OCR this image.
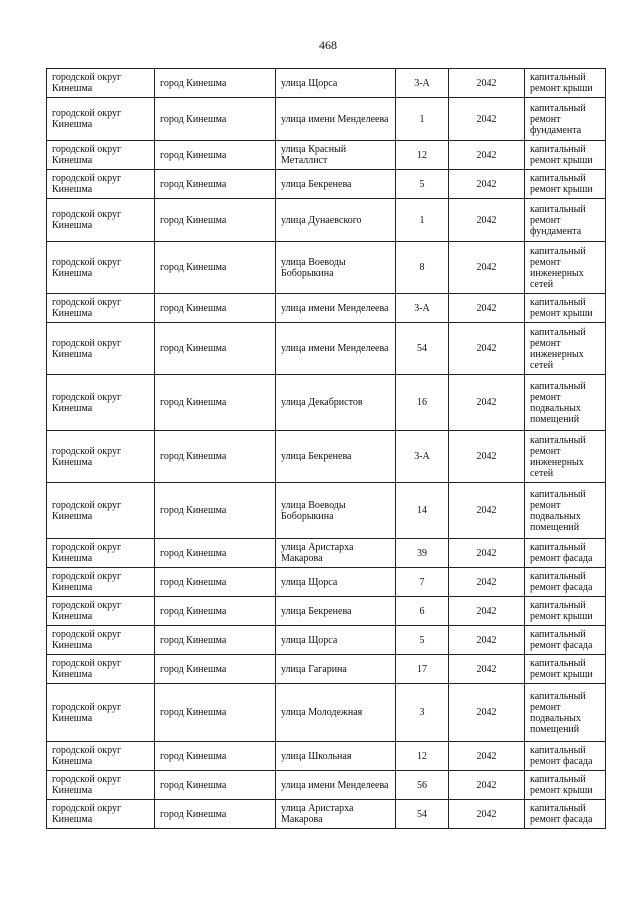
468
городской округ Кинешма	город Кинешма	улица Щорса	3-А	2042	капитальный ремонт крыши
городской округ Кинешма	город Кинешма	улица имени Менделеева	1	2042	капитальный ремонт фундамента
городской округ Кинешма	город Кинешма	улица Красный Металлист	12	2042	капитальный ремонт крыши
городской округ Кинешма	город Кинешма	улица Бекренева	5	2042	капитальный ремонт крыши
городской округ Кинешма	город Кинешма	улица Дунаевского	1	2042	капитальный ремонт фундамента
городской округ Кинешма	город Кинешма	улица Воеводы Боборыкина	8	2042	капитальный ремонт инженерных сетей
городской округ Кинешма	город Кинешма	улица имени Менделеева	3-А	2042	капитальный ремонт крыши
городской округ Кинешма	город Кинешма	улица имени Менделеева	54	2042	капитальный ремонт инженерных сетей
городской округ Кинешма	город Кинешма	улица Декабристов	16	2042	капитальный ремонт подвальных помещений
городской округ Кинешма	город Кинешма	улица Бекренева	3-А	2042	капитальный ремонт инженерных сетей
городской округ Кинешма	город Кинешма	улица Воеводы Боборыкина	14	2042	капитальный ремонт подвальных помещений
городской округ Кинешма	город Кинешма	улица Аристарха Макарова	39	2042	капитальный ремонт фасада
городской округ Кинешма	город Кинешма	улица Щорса	7	2042	капитальный ремонт фасада
городской округ Кинешма	город Кинешма	улица Бекренева	6	2042	капитальный ремонт крыши
городской округ Кинешма	город Кинешма	улица Щорса	5	2042	капитальный ремонт фасада
городской округ Кинешма	город Кинешма	улица Гагарина	17	2042	капитальный ремонт крыши
городской округ Кинешма	город Кинешма	улица Молодежная	3	2042	капитальный ремонт подвальных помещений
городской округ Кинешма	город Кинешма	улица Школьная	12	2042	капитальный ремонт фасада
городской округ Кинешма	город Кинешма	улица имени Менделеева	56	2042	капитальный ремонт крыши
городской округ Кинешма	город Кинешма	улица Аристарха Макарова	54	2042	капитальный ремонт фасада
